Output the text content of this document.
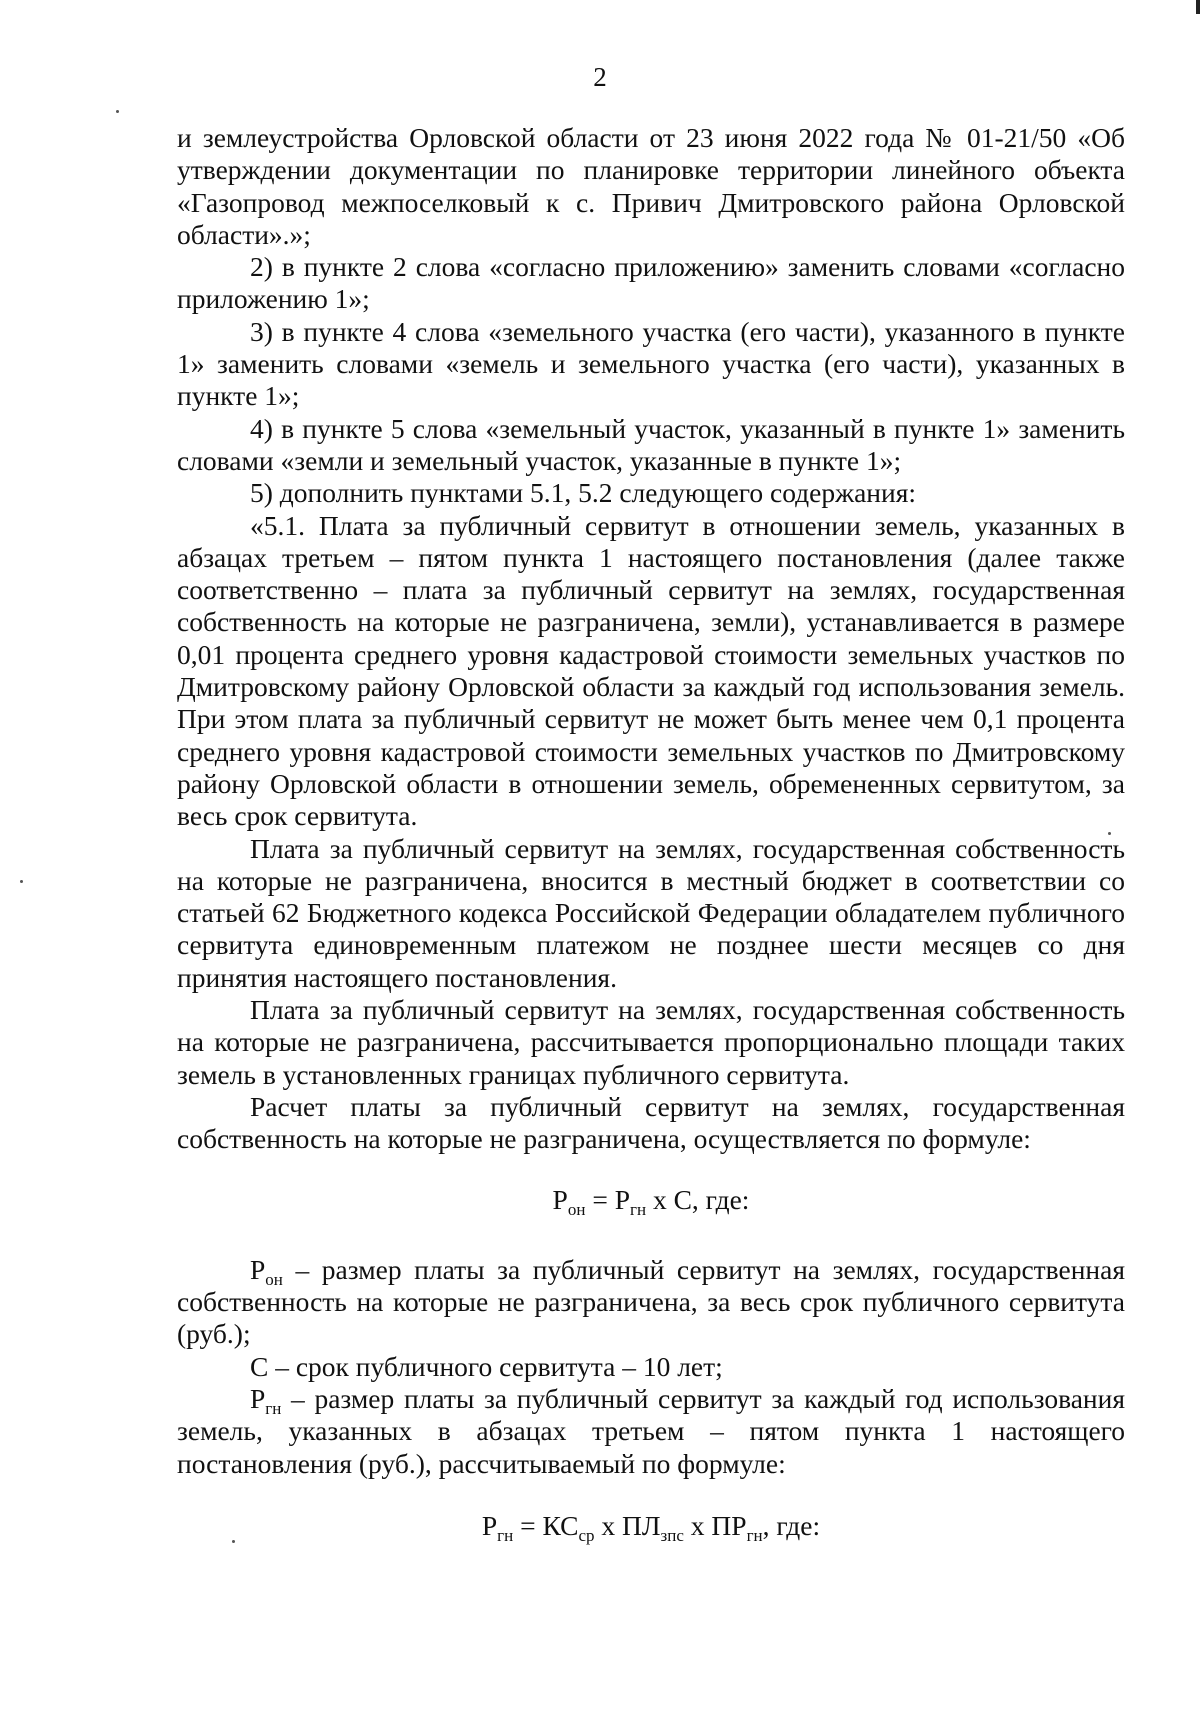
2

и землеустройства Орловской области от 23 июня 2022 года № 01-21/50 «Об утверждении документации по планировке территории линейного объекта «Газопровод межпоселковый к с. Привич Дмитровского района Орловской области».»;

2) в пункте 2 слова «согласно приложению» заменить словами «согласно приложению 1»;

3) в пункте 4 слова «земельного участка (его части), указанного в пункте 1» заменить словами «земель и земельного участка (его части), указанных в пункте 1»;

4) в пункте 5 слова «земельный участок, указанный в пункте 1» заменить словами «земли и земельный участок, указанные в пункте 1»;

5) дополнить пунктами 5.1, 5.2 следующего содержания:

«5.1. Плата за публичный сервитут в отношении земель, указанных в абзацах третьем – пятом пункта 1 настоящего постановления (далее также соответственно – плата за публичный сервитут на землях, государственная собственность на которые не разграничена, земли), устанавливается в размере 0,01 процента среднего уровня кадастровой стоимости земельных участков по Дмитровскому району Орловской области за каждый год использования земель. При этом плата за публичный сервитут не может быть менее чем 0,1 процента среднего уровня кадастровой стоимости земельных участков по Дмитровскому району Орловской области в отношении земель, обремененных сервитутом, за весь срок сервитута.

Плата за публичный сервитут на землях, государственная собственность на которые не разграничена, вносится в местный бюджет в соответствии со статьей 62 Бюджетного кодекса Российской Федерации обладателем публичного сервитута единовременным платежом не позднее шести месяцев со дня принятия настоящего постановления.

Плата за публичный сервитут на землях, государственная собственность на которые не разграничена, рассчитывается пропорционально площади таких земель в установленных границах публичного сервитута.

Расчет платы за публичный сервитут на землях, государственная собственность на которые не разграничена, осуществляется по формуле:

$Р_{он} = Р_{гн}$ х С, где:

$Р_{он}$ – размер платы за публичный сервитут на землях, государственная собственность на которые не разграничена, за весь срок публичного сервитута (руб.);

С – срок публичного сервитута – 10 лет;

$Р_{гн}$ – размер платы за публичный сервитут за каждый год использования земель, указанных в абзацах третьем – пятом пункта 1 настоящего постановления (руб.), рассчитываемый по формуле:

$Р_{гн} = КС_{ср}$ х $ПЛ_{зпс}$ х $ПР_{гн}$, где:
